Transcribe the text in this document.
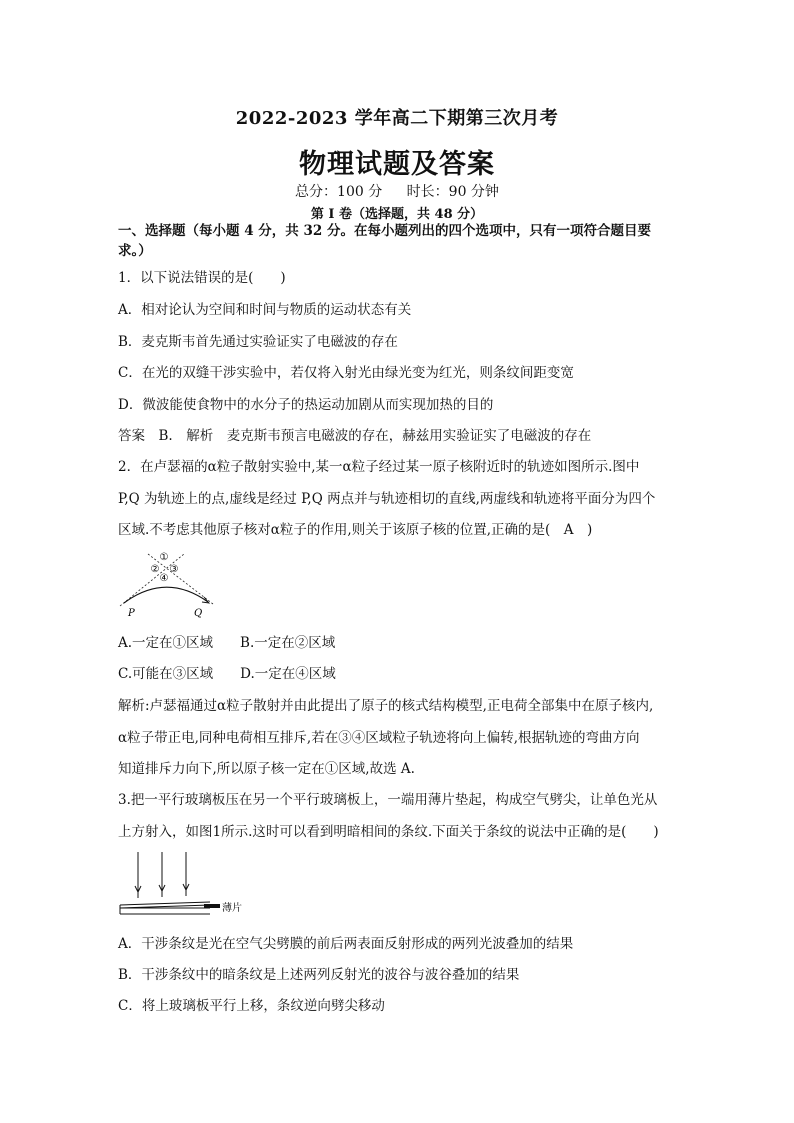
2022-2023 学年高二下期第三次月考
物理试题及答案
总分：100 分 时长：90 分钟
第 I 卷（选择题，共 48 分）
一、选择题（每小题 4 分，共 32 分。在每小题列出的四个选项中，只有一项符合题目要
求。）
1．以下说法错误的是(　　)
A．相对论认为空间和时间与物质的运动状态有关
B．麦克斯韦首先通过实验证实了电磁波的存在
C．在光的双缝干涉实验中，若仅将入射光由绿光变为红光，则条纹间距变宽
D．微波能使食物中的水分子的热运动加剧从而实现加热的目的
答案　B.　解析　麦克斯韦预言电磁波的存在，赫兹用实验证实了电磁波的存在
2．在卢瑟福的α粒子散射实验中,某一α粒子经过某一原子核附近时的轨迹如图所示.图中
P,Q 为轨迹上的点,虚线是经过 P,Q 两点并与轨迹相切的直线,两虚线和轨迹将平面分为四个
区域.不考虑其他原子核对α粒子的作用,则关于该原子核的位置,正确的是(　A　)
①
② ③
④
P	Q
A.一定在①区域　　B.一定在②区域
C.可能在③区域　　D.一定在④区域
解析:卢瑟福通过α粒子散射并由此提出了原子的核式结构模型,正电荷全部集中在原子核内,
α粒子带正电,同种电荷相互排斥,若在③④区域粒子轨迹将向上偏转,根据轨迹的弯曲方向
知道排斥力向下,所以原子核一定在①区域,故选 A.
3.把一平行玻璃板压在另一个平行玻璃板上，一端用薄片垫起，构成空气劈尖，让单色光从
上方射入，如图1所示.这时可以看到明暗相间的条纹.下面关于条纹的说法中正确的是(　　)
薄片
A．干涉条纹是光在空气尖劈膜的前后两表面反射形成的两列光波叠加的结果
B．干涉条纹中的暗条纹是上述两列反射光的波谷与波谷叠加的结果
C．将上玻璃板平行上移，条纹逆向劈尖移动
